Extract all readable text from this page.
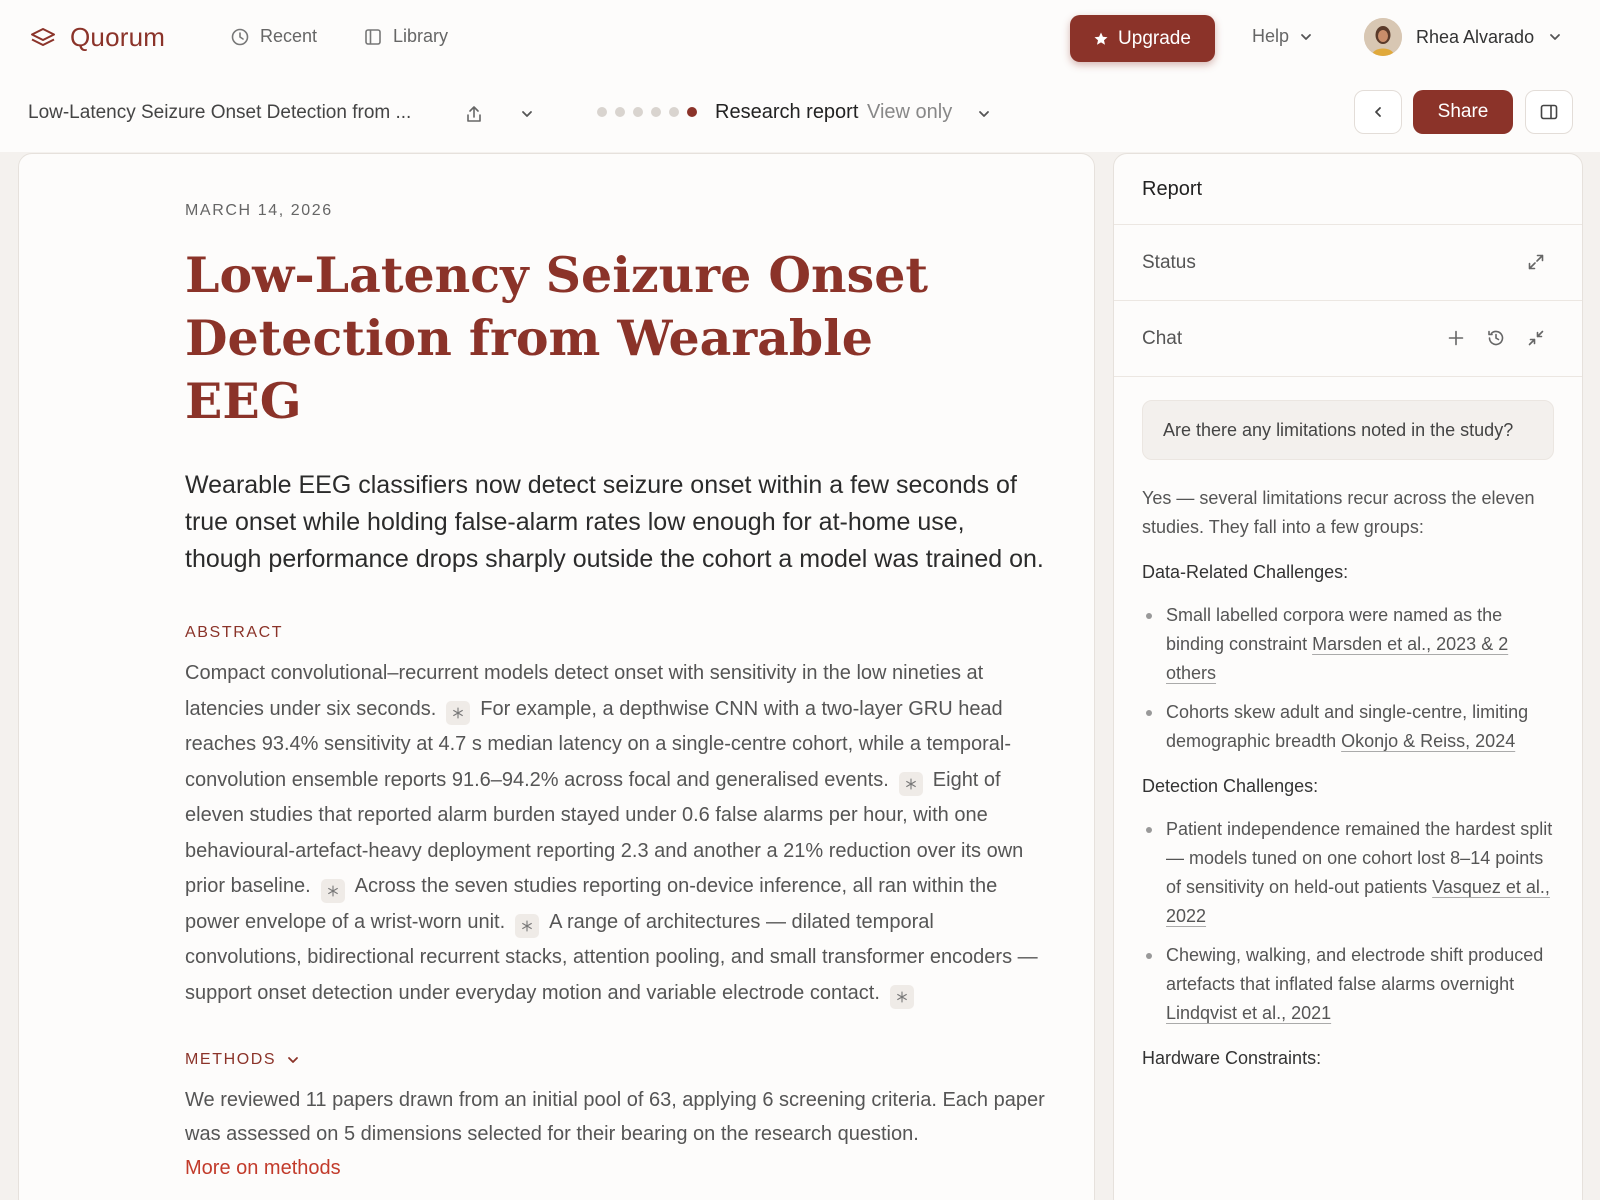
Quorum	Recent	Library	Upgrade	Help	Rhea Alvarado
Low-Latency Seizure Onset Detection from ...	Research report View only	Share
MARCH 14, 2026
Low-Latency Seizure Onset Detection from Wearable EEG

Wearable EEG classifiers now detect seizure onset within a few seconds of true onset while holding false-alarm rates low enough for at-home use, though performance drops sharply outside the cohort a model was trained on.

ABSTRACT

Compact convolutional–recurrent models detect onset with sensitivity in the low nineties at latencies under six seconds. For example, a depthwise CNN with a two-layer GRU head reaches 93.4% sensitivity at 4.7 s median latency on a single-centre cohort, while a temporal-convolution ensemble reports 91.6–94.2% across focal and generalised events. Eight of eleven studies that reported alarm burden stayed under 0.6 false alarms per hour, with one behavioural-artefact-heavy deployment reporting 2.3 and another a 21% reduction over its own prior baseline. Across the seven studies reporting on-device inference, all ran within the power envelope of a wrist-worn unit. A range of architectures — dilated temporal convolutions, bidirectional recurrent stacks, attention pooling, and small transformer encoders — support onset detection under everyday motion and variable electrode contact.

METHODS

We reviewed 11 papers drawn from an initial pool of 63, applying 6 screening criteria. Each paper was assessed on 5 dimensions selected for their bearing on the research question.
More on methods

Report
Status
Chat
Are there any limitations noted in the study?

Yes — several limitations recur across the eleven studies. They fall into a few groups:

Data-Related Challenges:

Small labelled corpora were named as the binding constraint Marsden et al., 2023 & 2 others
Cohorts skew adult and single-centre, limiting demographic breadth Okonjo & Reiss, 2024

Detection Challenges:

Patient independence remained the hardest split — models tuned on one cohort lost 8–14 points of sensitivity on held-out patients Vasquez et al., 2022
Chewing, walking, and electrode shift produced artefacts that inflated false alarms overnight Lindqvist et al., 2021

Hardware Constraints:
